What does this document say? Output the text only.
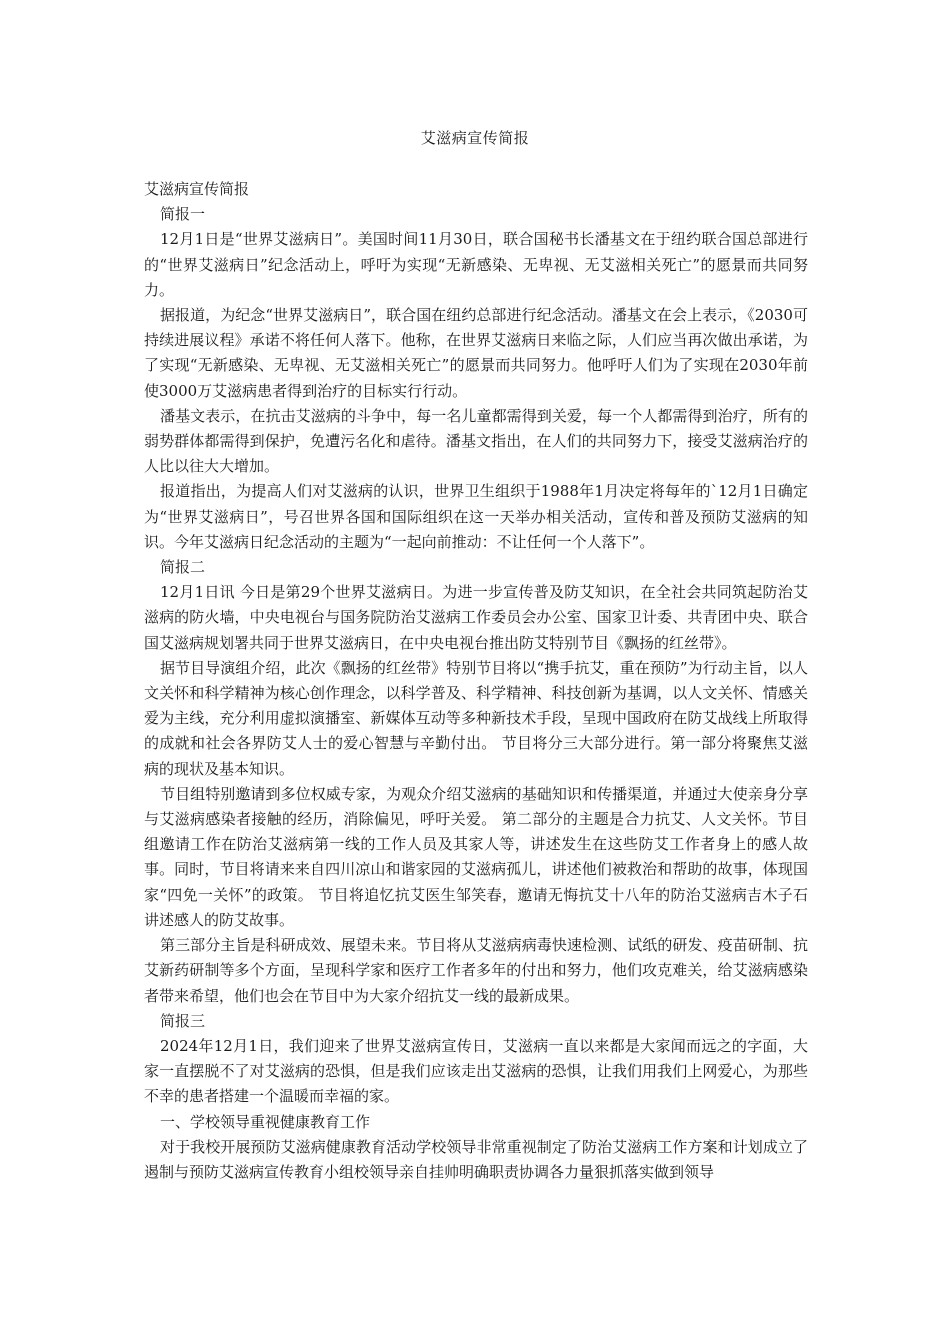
艾滋病宣传简报

艾滋病宣传简报

简报一

12月1日是“世界艾滋病日”。美国时间11月30日，联合国秘书长潘基文在于纽约联合国总部进行的“世界艾滋病日”纪念活动上，呼吁为实现“无新感染、无卑视、无艾滋相关死亡”的愿景而共同努力。

据报道，为纪念“世界艾滋病日”，联合国在纽约总部进行纪念活动。潘基文在会上表示，《2030可持续进展议程》承诺不将任何人落下。他称，在世界艾滋病日来临之际，人们应当再次做出承诺，为了实现“无新感染、无卑视、无艾滋相关死亡”的愿景而共同努力。他呼吁人们为了实现在2030年前使3000万艾滋病患者得到治疗的目标实行行动。

潘基文表示，在抗击艾滋病的斗争中，每一名儿童都需得到关爱，每一个人都需得到治疗，所有的弱势群体都需得到保护，免遭污名化和虐待。潘基文指出，在人们的共同努力下，接受艾滋病治疗的人比以往大大增加。

报道指出，为提高人们对艾滋病的认识，世界卫生组织于1988年1月决定将每年的`12月1日确定为“世界艾滋病日”，号召世界各国和国际组织在这一天举办相关活动，宣传和普及预防艾滋病的知识。今年艾滋病日纪念活动的主题为“一起向前推动：不让任何一个人落下”。

简报二

12月1日讯 今日是第29个世界艾滋病日。为进一步宣传普及防艾知识，在全社会共同筑起防治艾滋病的防火墙，中央电视台与国务院防治艾滋病工作委员会办公室、国家卫计委、共青团中央、联合国艾滋病规划署共同于世界艾滋病日，在中央电视台推出防艾特别节目《飘扬的红丝带》。

据节目导演组介绍，此次《飘扬的红丝带》特别节目将以“携手抗艾，重在预防”为行动主旨，以人文关怀和科学精神为核心创作理念，以科学普及、科学精神、科技创新为基调，以人文关怀、情感关爱为主线，充分利用虚拟演播室、新媒体互动等多种新技术手段，呈现中国政府在防艾战线上所取得的成就和社会各界防艾人士的爱心智慧与辛勤付出。 节目将分三大部分进行。第一部分将聚焦艾滋病的现状及基本知识。

节目组特别邀请到多位权威专家，为观众介绍艾滋病的基础知识和传播渠道，并通过大使亲身分享与艾滋病感染者接触的经历，消除偏见，呼吁关爱。 第二部分的主题是合力抗艾、人文关怀。节目组邀请工作在防治艾滋病第一线的工作人员及其家人等，讲述发生在这些防艾工作者身上的感人故事。同时，节目将请来来自四川凉山和谐家园的艾滋病孤儿，讲述他们被救治和帮助的故事，体现国家“四免一关怀”的政策。 节目将追忆抗艾医生邹笑春，邀请无悔抗艾十八年的防治艾滋病吉木子石讲述感人的防艾故事。

第三部分主旨是科研成效、展望未来。节目将从艾滋病病毒快速检测、试纸的研发、疫苗研制、抗艾新药研制等多个方面，呈现科学家和医疗工作者多年的付出和努力，他们攻克难关，给艾滋病感染者带来希望，他们也会在节目中为大家介绍抗艾一线的最新成果。

简报三

2024年12月1日，我们迎来了世界艾滋病宣传日，艾滋病一直以来都是大家闻而远之的字面，大家一直摆脱不了对艾滋病的恐惧，但是我们应该走出艾滋病的恐惧，让我们用我们上网爱心，为那些不幸的患者搭建一个温暖而幸福的家。

一、学校领导重视健康教育工作

对于我校开展预防艾滋病健康教育活动学校领导非常重视制定了防治艾滋病工作方案和计划成立了遏制与预防艾滋病宣传教育小组校领导亲自挂帅明确职责协调各力量狠抓落实做到领导
